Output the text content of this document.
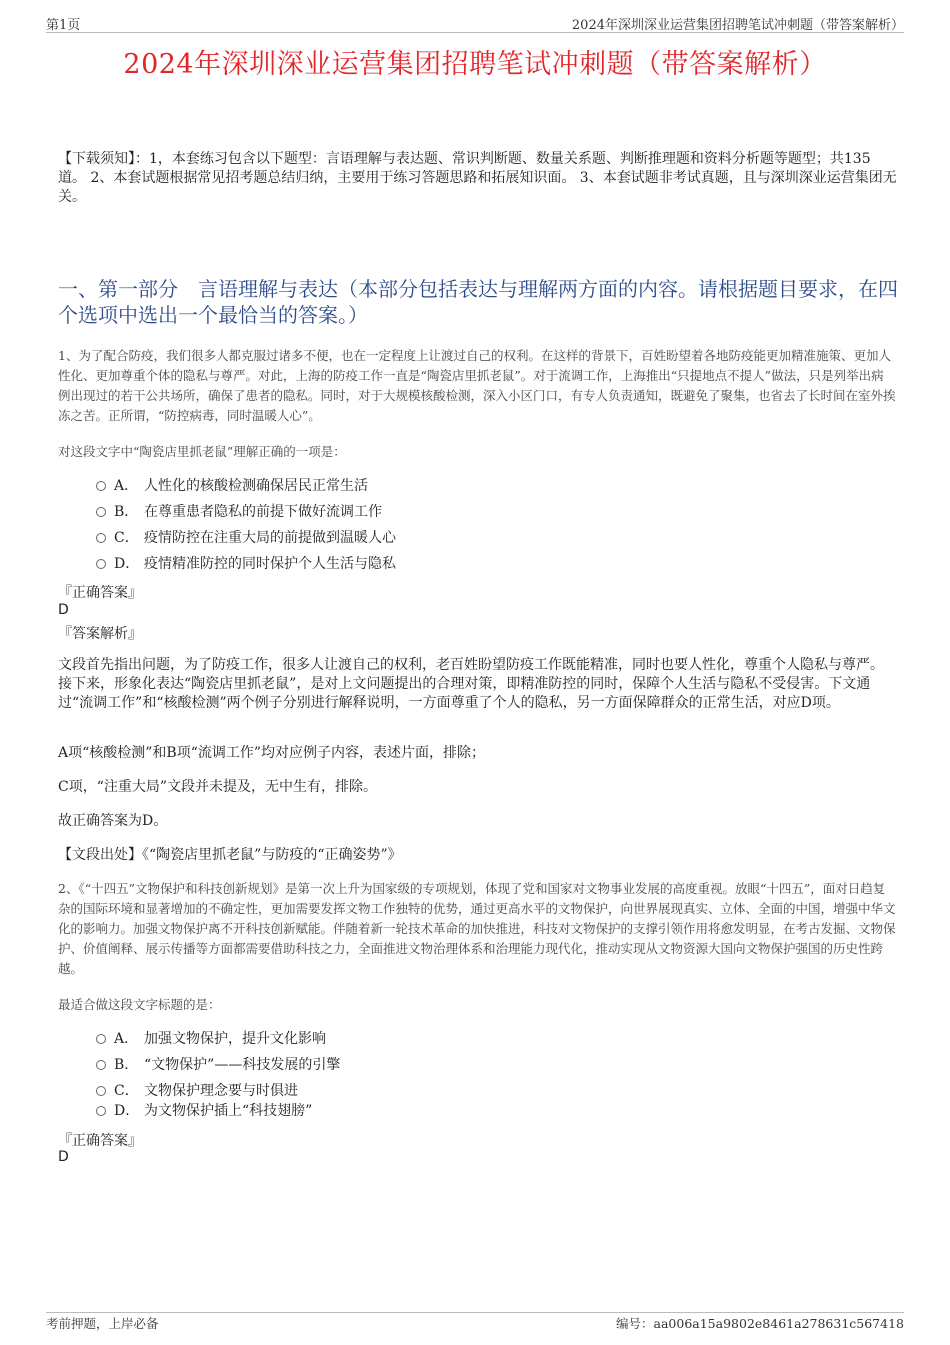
第1页	2024年深圳深业运营集团招聘笔试冲刺题（带答案解析）
2024年深圳深业运营集团招聘笔试冲刺题（带答案解析）
【下载须知】：1，本套练习包含以下题型：言语理解与表达题、常识判断题、数量关系题、判断推理题和资料分析题等题型；共135道。 2、本套试题根据常见招考题总结归纳，主要用于练习答题思路和拓展知识面。 3、本套试题非考试真题，且与深圳深业运营集团无关。
一、第一部分　言语理解与表达（本部分包括表达与理解两方面的内容。请根据题目要求，在四个选项中选出一个最恰当的答案。）
1、为了配合防疫，我们很多人都克服过诸多不便，也在一定程度上让渡过自己的权利。在这样的背景下，百姓盼望着各地防疫能更加精准施策、更加人性化、更加尊重个体的隐私与尊严。对此，上海的防疫工作一直是“陶瓷店里抓老鼠”。对于流调工作，上海推出“只提地点不提人”做法，只是列举出病例出现过的若干公共场所，确保了患者的隐私。同时，对于大规模核酸检测，深入小区门口，有专人负责通知，既避免了聚集，也省去了长时间在室外挨冻之苦。正所谓，“防控病毒，同时温暖人心”。
对这段文字中“陶瓷店里抓老鼠”理解正确的一项是：
A． 人性化的核酸检测确保居民正常生活
B． 在尊重患者隐私的前提下做好流调工作
C． 疫情防控在注重大局的前提做到温暖人心
D． 疫情精准防控的同时保护个人生活与隐私
『正确答案』
D
『答案解析』
文段首先指出问题，为了防疫工作，很多人让渡自己的权利，老百姓盼望防疫工作既能精准，同时也要人性化，尊重个人隐私与尊严。接下来，形象化表达“陶瓷店里抓老鼠”，是对上文问题提出的合理对策，即精准防控的同时，保障个人生活与隐私不受侵害。下文通过“流调工作”和“核酸检测”两个例子分别进行解释说明，一方面尊重了个人的隐私，另一方面保障群众的正常生活，对应D项。
A项“核酸检测”和B项“流调工作”均对应例子内容，表述片面，排除；
C项，“注重大局”文段并未提及，无中生有，排除。
故正确答案为D。
【文段出处】《“陶瓷店里抓老鼠”与防疫的“正确姿势”》
2、《“十四五”文物保护和科技创新规划》是第一次上升为国家级的专项规划，体现了党和国家对文物事业发展的高度重视。放眼“十四五”，面对日趋复杂的国际环境和显著增加的不确定性，更加需要发挥文物工作独特的优势，通过更高水平的文物保护，向世界展现真实、立体、全面的中国，增强中华文化的影响力。加强文物保护离不开科技创新赋能。伴随着新一轮技术革命的加快推进，科技对文物保护的支撑引领作用将愈发明显，在考古发掘、文物保护、价值阐释、展示传播等方面都需要借助科技之力，全面推进文物治理体系和治理能力现代化，推动实现从文物资源大国向文物保护强国的历史性跨越。
最适合做这段文字标题的是：
A． 加强文物保护，提升文化影响
B． “文物保护”——科技发展的引擎
C． 文物保护理念要与时俱进
D． 为文物保护插上“科技翅膀”
『正确答案』
D
考前押题，上岸必备	编号：aa006a15a9802e8461a278631c567418
